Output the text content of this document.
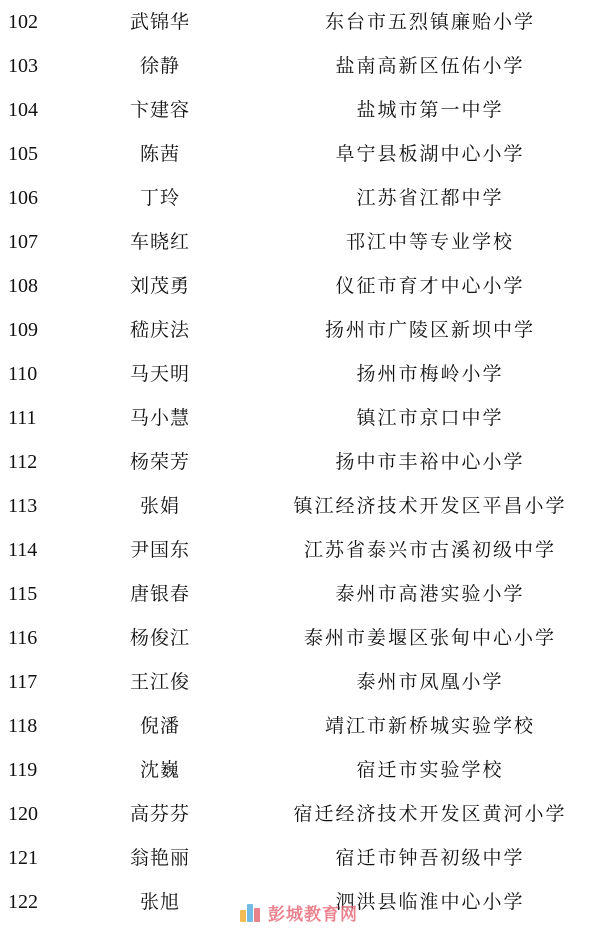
102	武锦华	东台市五烈镇廉贻小学
103	徐静	盐南高新区伍佑小学
104	卞建容	盐城市第一中学
105	陈茜	阜宁县板湖中心小学
106	丁玲	江苏省江都中学
107	车晓红	邗江中等专业学校
108	刘茂勇	仪征市育才中心小学
109	嵇庆法	扬州市广陵区新坝中学
110	马天明	扬州市梅岭小学
111	马小慧	镇江市京口中学
112	杨荣芳	扬中市丰裕中心小学
113	张娟	镇江经济技术开发区平昌小学
114	尹国东	江苏省泰兴市古溪初级中学
115	唐银春	泰州市高港实验小学
116	杨俊江	泰州市姜堰区张甸中心小学
117	王江俊	泰州市凤凰小学
118	倪潘	靖江市新桥城实验学校
119	沈巍	宿迁市实验学校
120	高芬芬	宿迁经济技术开发区黄河小学
121	翁艳丽	宿迁市钟吾初级中学
122	张旭	泗洪县临淮中心小学
彭城教育网
